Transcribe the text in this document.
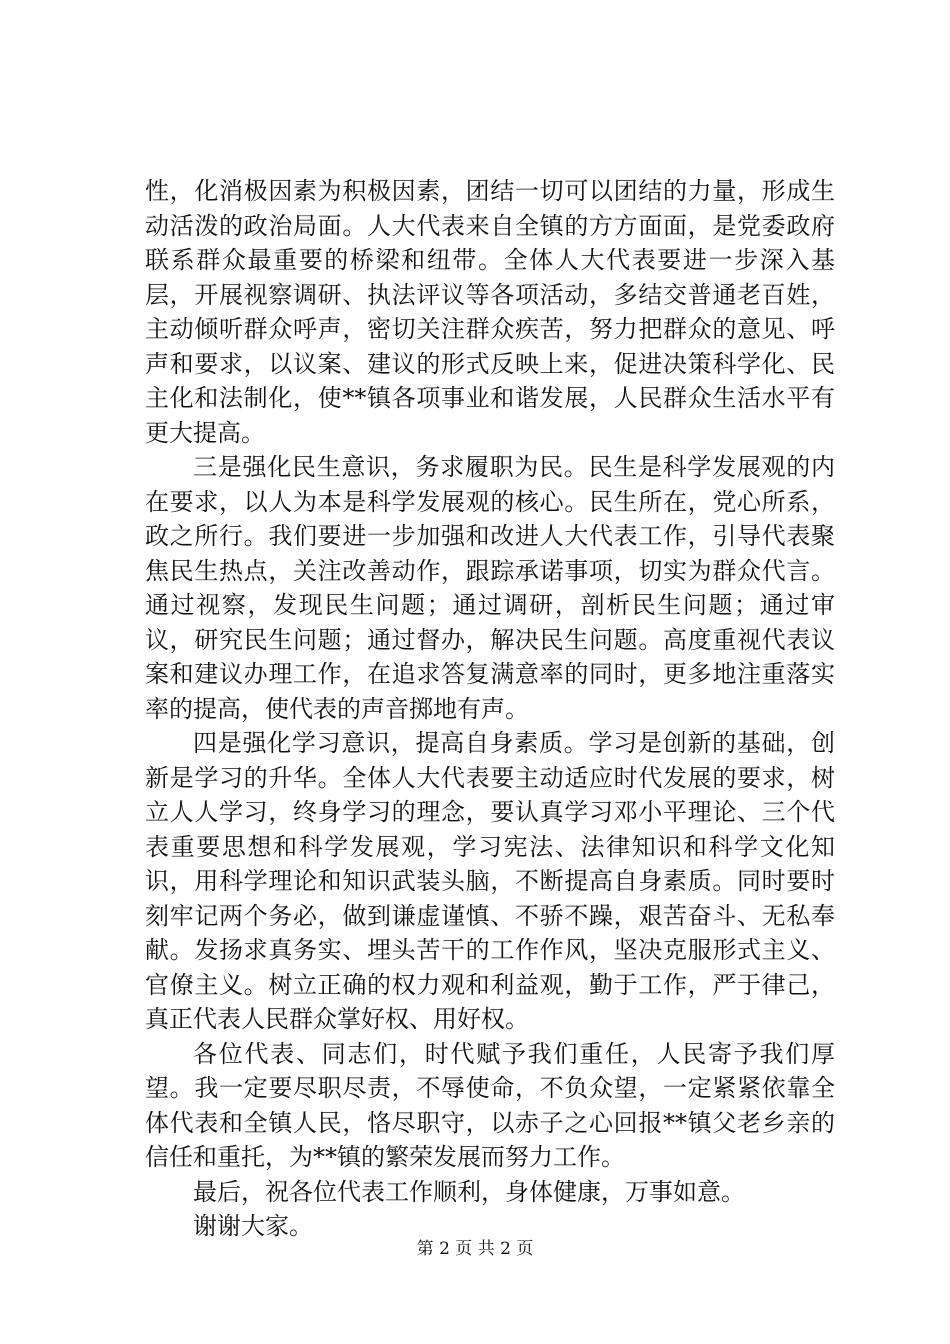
性，化消极因素为积极因素，团结一切可以团结的力量，形成生动活泼的政治局面。人大代表来自全镇的方方面面，是党委政府联系群众最重要的桥梁和纽带。全体人大代表要进一步深入基层，开展视察调研、执法评议等各项活动，多结交普通老百姓，主动倾听群众呼声，密切关注群众疾苦，努力把群众的意见、呼声和要求，以议案、建议的形式反映上来，促进决策科学化、民主化和法制化，使**镇各项事业和谐发展，人民群众生活水平有更大提高。

三是强化民生意识，务求履职为民。民生是科学发展观的内在要求，以人为本是科学发展观的核心。民生所在，党心所系，政之所行。我们要进一步加强和改进人大代表工作，引导代表聚焦民生热点，关注改善动作，跟踪承诺事项，切实为群众代言。通过视察，发现民生问题；通过调研，剖析民生问题；通过审议，研究民生问题；通过督办，解决民生问题。高度重视代表议案和建议办理工作，在追求答复满意率的同时，更多地注重落实率的提高，使代表的声音掷地有声。

四是强化学习意识，提高自身素质。学习是创新的基础，创新是学习的升华。全体人大代表要主动适应时代发展的要求，树立人人学习，终身学习的理念，要认真学习邓小平理论、三个代表重要思想和科学发展观，学习宪法、法律知识和科学文化知识，用科学理论和知识武装头脑，不断提高自身素质。同时要时刻牢记两个务必，做到谦虚谨慎、不骄不躁，艰苦奋斗、无私奉献。发扬求真务实、埋头苦干的工作作风，坚决克服形式主义、官僚主义。树立正确的权力观和利益观，勤于工作，严于律己，真正代表人民群众掌好权、用好权。

各位代表、同志们，时代赋予我们重任，人民寄予我们厚望。我一定要尽职尽责，不辱使命，不负众望，一定紧紧依靠全体代表和全镇人民，恪尽职守，以赤子之心回报**镇父老乡亲的信任和重托，为**镇的繁荣发展而努力工作。

最后，祝各位代表工作顺利，身体健康，万事如意。

谢谢大家。

第 2 页 共 2 页
